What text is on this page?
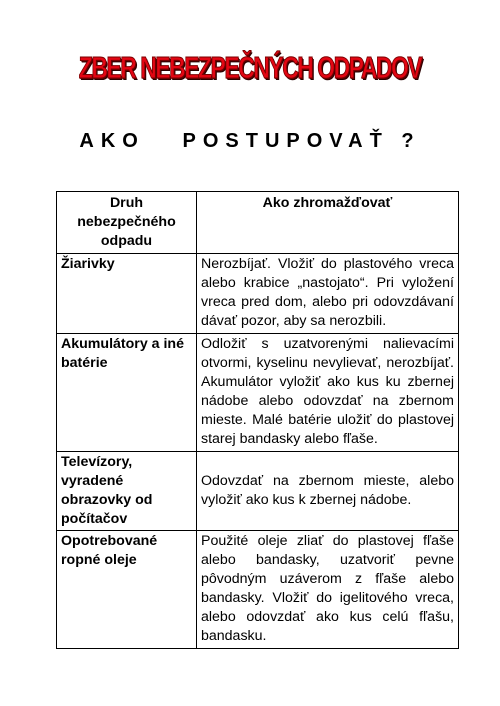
ZBER NEBEZPEČNÝCH ODPADOV
AKO   POSTUPOVAŤ ?
Druh nebezpečného odpadu	Ako zhromažďovať
Žiarivky	Nerozbíjať. Vložiť do plastového vreca alebo krabice „nastojato“. Pri vyložení vreca pred dom, alebo pri odovzdávaní dávať pozor, aby sa nerozbili.
Akumulátory a iné batérie	Odložiť s uzatvorenými nalievacími otvormi, kyselinu nevylievať, nerozbíjať. Akumulátor vyložiť ako kus ku zbernej nádobe alebo odovzdať na zbernom mieste. Malé batérie uložiť do plastovej starej bandasky alebo fľaše.
Televízory, vyradené obrazovky od počítačov	Odovzdať na zbernom mieste, alebo vyložiť ako kus k zbernej nádobe.
Opotrebované ropné oleje	Použité oleje zliať do plastovej fľaše alebo bandasky, uzatvoriť pevne pôvodným uzáverom z fľaše alebo bandasky. Vložiť do igelitového vreca, alebo odovzdať ako kus celú fľašu, bandasku.
